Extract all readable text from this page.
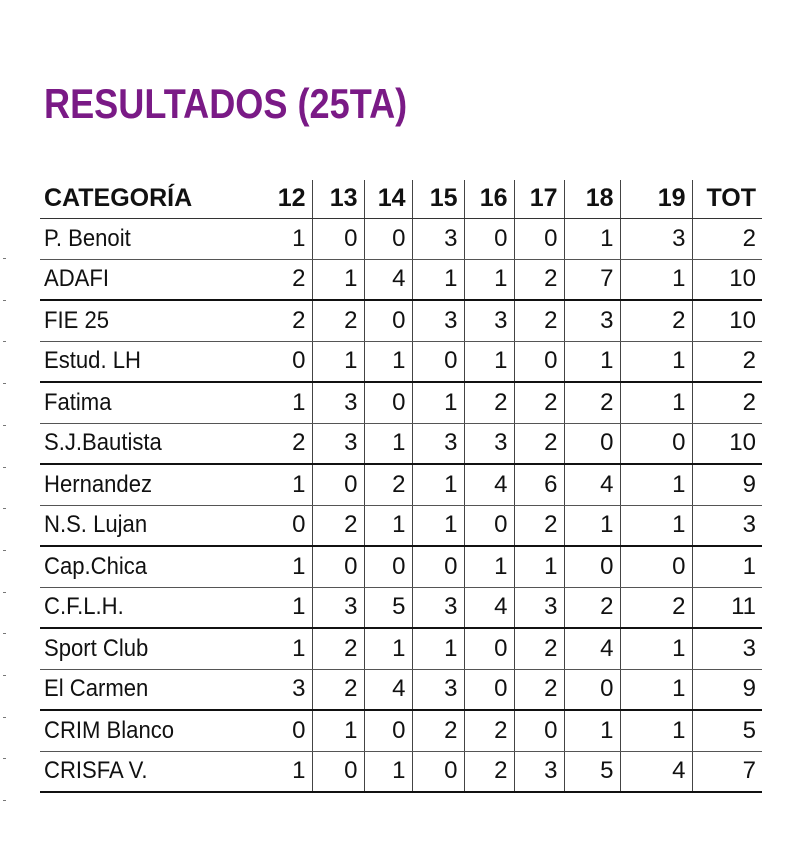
RESULTADOS (25TA)
CATEGORÍA	12	13	14	15	16	17	18	19	TOT
P. Benoit	1	0	0	3	0	0	1	3	2
ADAFI	2	1	4	1	1	2	7	1	10
FIE 25	2	2	0	3	3	2	3	2	10
Estud. LH	0	1	1	0	1	0	1	1	2
Fatima	1	3	0	1	2	2	2	1	2
S.J.Bautista	2	3	1	3	3	2	0	0	10
Hernandez	1	0	2	1	4	6	4	1	9
N.S. Lujan	0	2	1	1	0	2	1	1	3
Cap.Chica	1	0	0	0	1	1	0	0	1
C.F.L.H.	1	3	5	3	4	3	2	2	11
Sport Club	1	2	1	1	0	2	4	1	3
El Carmen	3	2	4	3	0	2	0	1	9
CRIM Blanco	0	1	0	2	2	0	1	1	5
CRISFA V.	1	0	1	0	2	3	5	4	7
